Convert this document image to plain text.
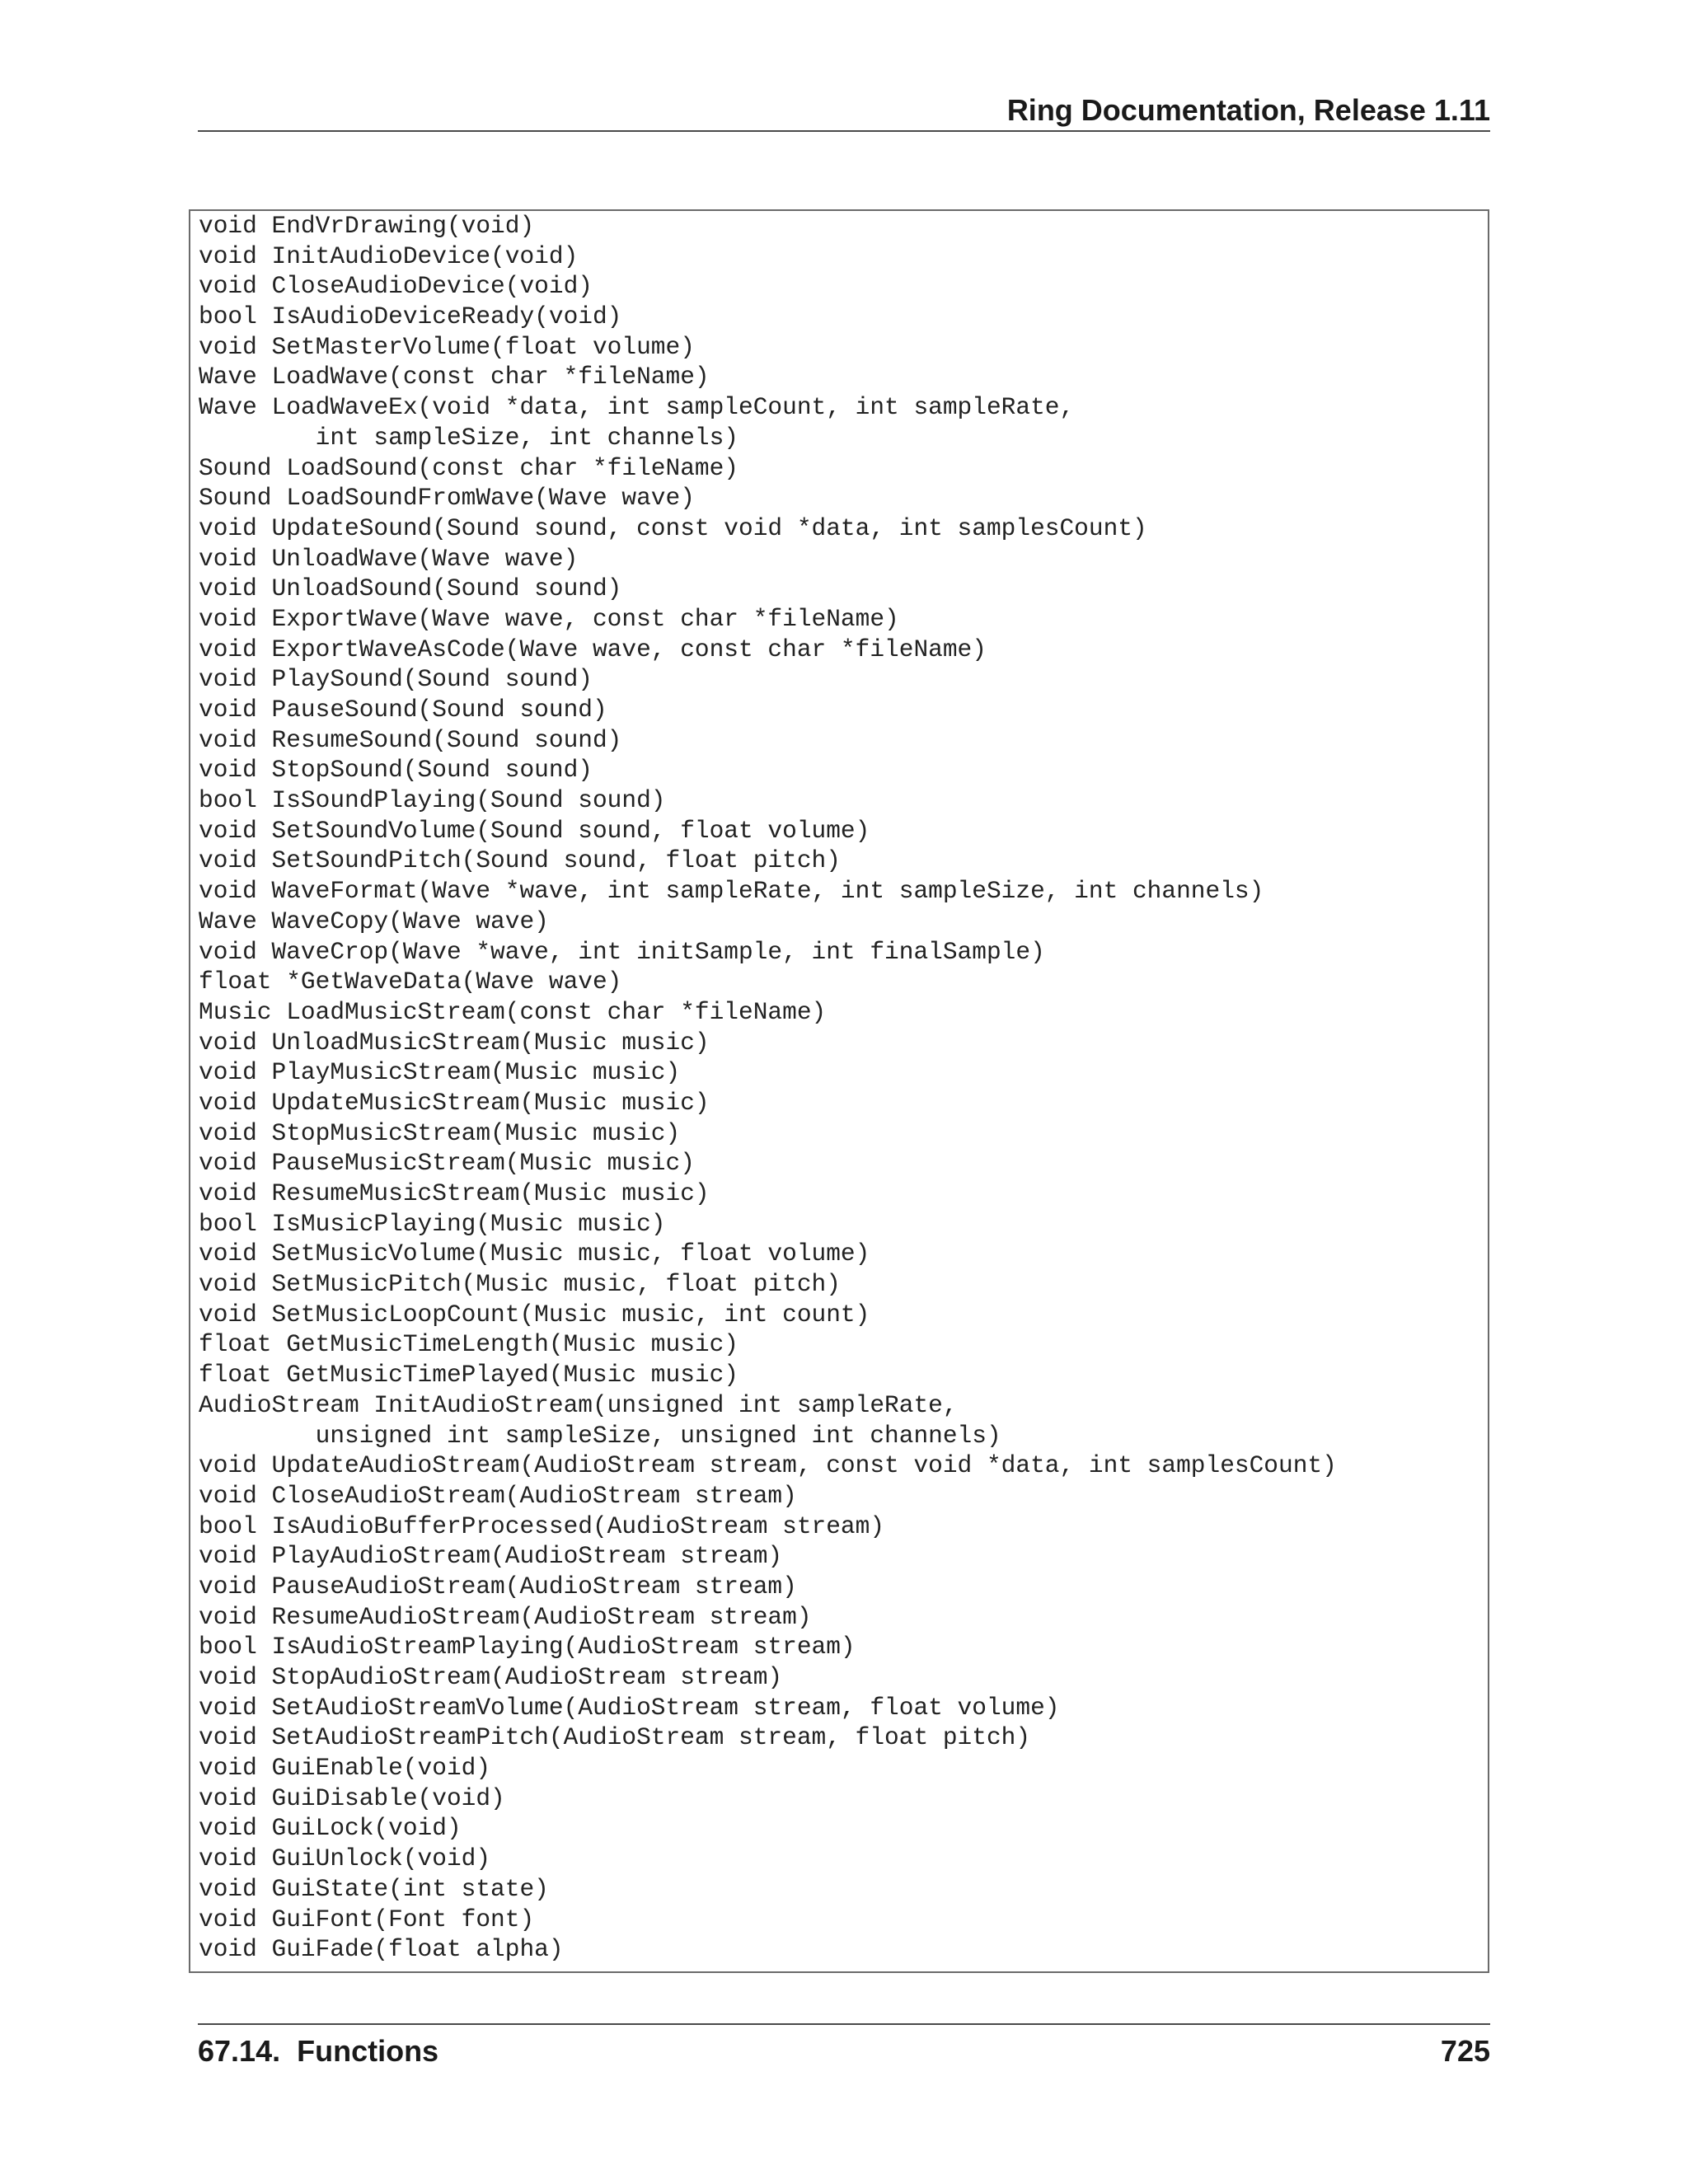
Ring Documentation, Release 1.11
void EndVrDrawing(void)
void InitAudioDevice(void)
void CloseAudioDevice(void)
bool IsAudioDeviceReady(void)
void SetMasterVolume(float volume)
Wave LoadWave(const char *fileName)
Wave LoadWaveEx(void *data, int sampleCount, int sampleRate,
int sampleSize, int channels)
Sound LoadSound(const char *fileName)
Sound LoadSoundFromWave(Wave wave)
void UpdateSound(Sound sound, const void *data, int samplesCount)
void UnloadWave(Wave wave)
void UnloadSound(Sound sound)
void ExportWave(Wave wave, const char *fileName)
void ExportWaveAsCode(Wave wave, const char *fileName)
void PlaySound(Sound sound)
void PauseSound(Sound sound)
void ResumeSound(Sound sound)
void StopSound(Sound sound)
bool IsSoundPlaying(Sound sound)
void SetSoundVolume(Sound sound, float volume)
void SetSoundPitch(Sound sound, float pitch)
void WaveFormat(Wave *wave, int sampleRate, int sampleSize, int channels)
Wave WaveCopy(Wave wave)
void WaveCrop(Wave *wave, int initSample, int finalSample)
float *GetWaveData(Wave wave)
Music LoadMusicStream(const char *fileName)
void UnloadMusicStream(Music music)
void PlayMusicStream(Music music)
void UpdateMusicStream(Music music)
void StopMusicStream(Music music)
void PauseMusicStream(Music music)
void ResumeMusicStream(Music music)
bool IsMusicPlaying(Music music)
void SetMusicVolume(Music music, float volume)
void SetMusicPitch(Music music, float pitch)
void SetMusicLoopCount(Music music, int count)
float GetMusicTimeLength(Music music)
float GetMusicTimePlayed(Music music)
AudioStream InitAudioStream(unsigned int sampleRate,
unsigned int sampleSize, unsigned int channels)
void UpdateAudioStream(AudioStream stream, const void *data, int samplesCount)
void CloseAudioStream(AudioStream stream)
bool IsAudioBufferProcessed(AudioStream stream)
void PlayAudioStream(AudioStream stream)
void PauseAudioStream(AudioStream stream)
void ResumeAudioStream(AudioStream stream)
bool IsAudioStreamPlaying(AudioStream stream)
void StopAudioStream(AudioStream stream)
void SetAudioStreamVolume(AudioStream stream, float volume)
void SetAudioStreamPitch(AudioStream stream, float pitch)
void GuiEnable(void)
void GuiDisable(void)
void GuiLock(void)
void GuiUnlock(void)
void GuiState(int state)
void GuiFont(Font font)
void GuiFade(float alpha)
67.14.  Functions	725
